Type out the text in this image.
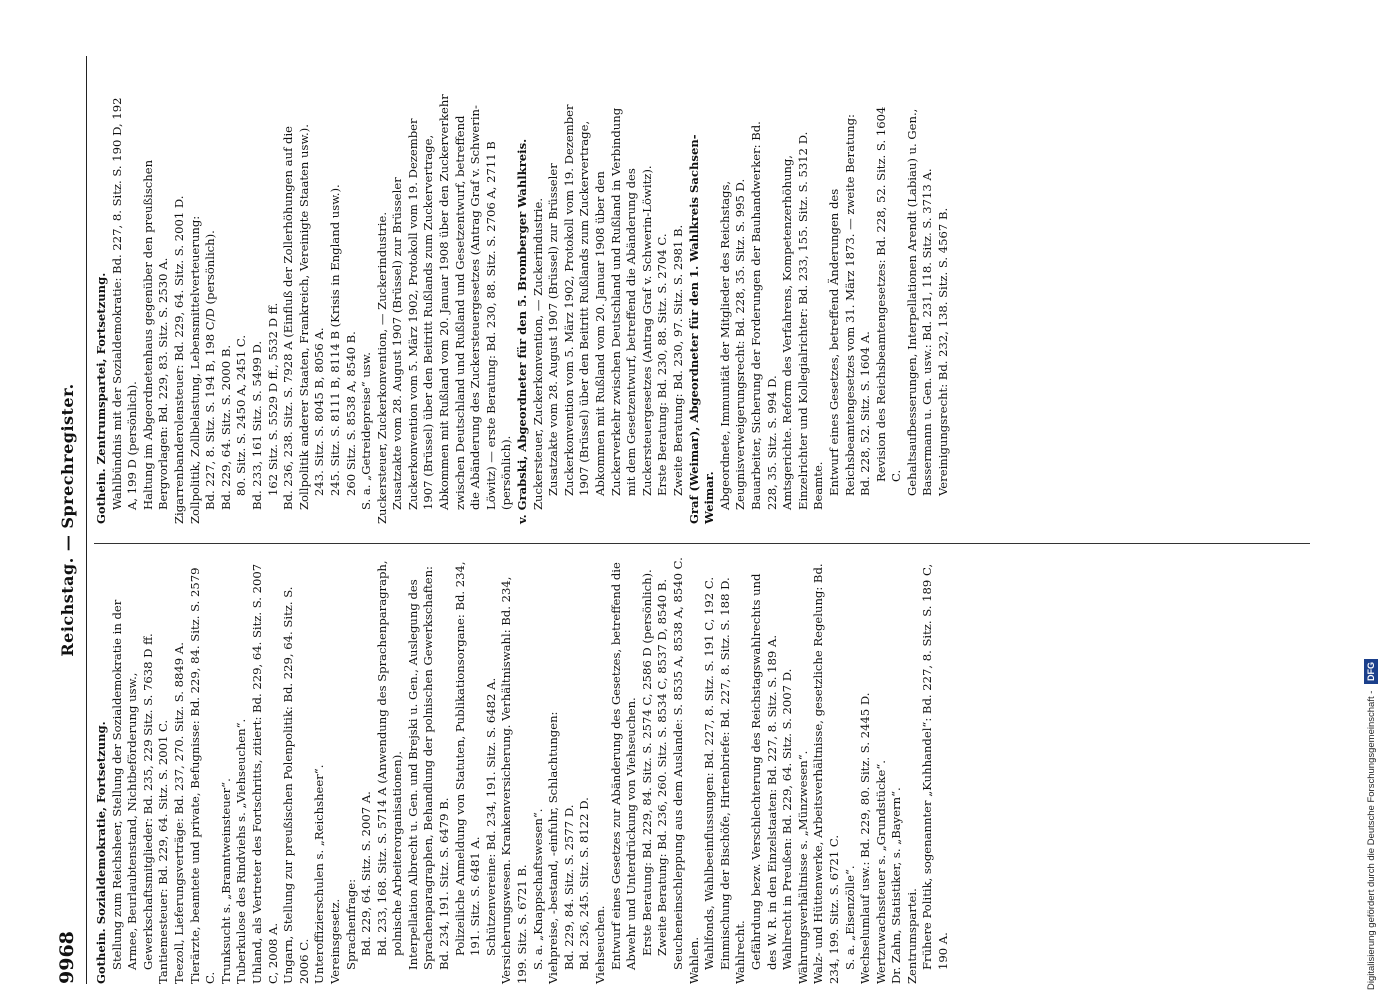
9968
Reichstag. — Sprechregister.
Gothein. Sozialdemokratie, Fortsetzung. Stellung zum Reichsheer, Stellung der Sozialdemokratie in der Armee, Beurlaubtenstand, Nichtbeförderung usw., Gewerkschaftsmitglieder: Bd. 235, 229 Sitz. S. 7638 D ff. Tantiemesteuer: Bd. 229, 64. Sitz. S. 2001 C. Teezoll, Lieferungsverträge: Bd. 237, 270. Sitz. S. 8849 A. Tierärzte, beamtete und private, Befugnisse: Bd. 229, 84. Sitz. S. 2579 C. Trunksucht s. „Branntweinsteuer“. Tuberkulose des Rindviehs s. „Viehseuchen“. Uhland, als Vertreter des Fortschritts, zitiert: Bd. 229, 64. Sitz. S. 2007 C, 2008 A. Ungarn, Stellung zur preußischen Polenpolitik: Bd. 229, 64. Sitz. S. 2006 C. Unteroffizierschulen s. „Reichsheer“. Vereinsgesetz. Sprachenfrage: Bd. 229, 64. Sitz. S. 2007 A. Bd. 233, 168. Sitz. S. 5714 A (Anwendung des Sprachenparagraph, polnische Arbeiterorganisationen). Interpellation Albrecht u. Gen. und Brejski u. Gen., Auslegung des Sprachenparagraphen, Behandlung der polnischen Gewerkschaften: Bd. 234, 191. Sitz. S. 6479 B. Polizeiliche Anmeldung von Statuten, Publikationsorgane: Bd. 234, 191. Sitz. S. 6481 A. Schützenvereine: Bd. 234, 191. Sitz. S. 6482 A. Versicherungswesen. Krankenversicherung. Verhältniswahl: Bd. 234, 199. Sitz. S. 6721 B. S. a. „Knappschaftswesen“. Viehpreise, -bestand, -einfuhr, Schlachtungen: Bd. 229, 84. Sitz. S. 2577 D. Bd. 236, 245. Sitz. S. 8122 D. Viehseuchen. Entwurf eines Gesetzes zur Abänderung des Gesetzes, betreffend die Abwehr und Unterdrückung von Viehseuchen. Erste Beratung: Bd. 229, 84. Sitz. S. 2574 C, 2586 D (persönlich). Zweite Beratung: Bd. 236, 260. Sitz. S. 8534 C, 8537 D, 8540 B. Seucheneinschleppung aus dem Auslande: S. 8535 A, 8538 A, 8540 C. Wahlen. Wahlfonds, Wahlbeeinflussungen: Bd. 227, 8. Sitz. S. 191 C, 192 C. Einmischung der Bischöfe, Hirtenbriefe: Bd. 227, 8. Sitz. S. 188 D. Wahlrecht. Gefährdung bezw. Verschlechterung des Reichstagswahlrechts und des W. R. in den Einzelstaaten: Bd. 227, 8. Sitz. S. 189 A. Wahlrecht in Preußen: Bd. 229, 64. Sitz. S. 2007 D. Währungsverhältnisse s. „Münzwesen“. Walz- und Hüttenwerke, Arbeitsverhältnisse, gesetzliche Regelung: Bd. 234, 199. Sitz. S. 6721 C. S. a. „Eisenzölle“. Wechselumlauf usw.: Bd. 229, 80. Sitz. S. 2445 D. Wertzuwachssteuer s. „Grundstücke“. Dr. Zahn, Statistiker, s. „Bayern“. Zentrumspartei. Frühere Politik, sogenannter „Kuhhandel“: Bd. 227, 8. Sitz. S. 189 C, 190 A.
Gothein. Zentrumspartei, Fortsetzung. Wahlbündnis mit der Sozialdemokratie: Bd. 227, 8. Sitz. S. 190 D, 192 A, 199 D (persönlich). Haltung im Abgeordnetenhaus gegenüber den preußischen Bergvorlagen: Bd. 229, 83. Sitz. S. 2530 A. Zigarrenbanderolensteuer: Bd. 229, 64. Sitz. S. 2001 D. Zollpolitik, Zollbelastung, Lebensmittelverteuerung: Bd. 227, 8. Sitz. S. 194 B, 198 C/D (persönlich). Bd. 229, 64. Sitz. S. 2000 B. 80. Sitz. S. 2450 A, 2451 C. Bd. 233, 161 Sitz. S. 5499 D. 162 Sitz. S. 5529 D ff., 5532 D ff. Bd. 236, 238. Sitz. S. 7928 A (Einfluß der Zollerhöhungen auf die Zollpolitik anderer Staaten, Frankreich, Vereinigte Staaten usw.). 243. Sitz. S. 8045 B, 8056 A. 245. Sitz. S. 8111 B, 8114 B (Krisis in England usw.). 260 Sitz. S. 8538 A, 8540 B. S. a. „Getreidepreise“ usw. Zuckersteuer, Zuckerkonvention, — Zuckerindustrie. Zusatzakte vom 28. August 1907 (Brüssel) zur Brüsseler Zuckerkonvention vom 5. März 1902, Protokoll vom 19. Dezember 1907 (Brüssel) über den Beitritt Rußlands zum Zuckervertrage, Abkommen mit Rußland vom 20. Januar 1908 über den Zuckerverkehr zwischen Deutschland und Rußland und Gesetzentwurf, betreffend die Abänderung des Zuckersteuergesetzes (Antrag Graf v. Schwerin-Löwitz) — erste Beratung: Bd. 230, 88. Sitz. S. 2706 A, 2711 B (persönlich). v. Grabski, Abgeordneter für den 5. Bromberger Wahlkreis. Zuckersteuer, Zuckerkonvention, — Zuckerindustrie. Zusatzakte vom 28. August 1907 (Brüssel) zur Brüsseler Zuckerkonvention vom 5. März 1902, Protokoll vom 19. Dezember 1907 (Brüssel) über den Beitritt Rußlands zum Zuckervertrage, Abkommen mit Rußland vom 20. Januar 1908 über den Zuckerverkehr zwischen Deutschland und Rußland in Verbindung mit dem Gesetzentwurf, betreffend die Abänderung des Zuckersteuergesetzes (Antrag Graf v. Schwerin-Löwitz). Erste Beratung: Bd. 230, 88. Sitz. S. 2704 C. Zweite Beratung: Bd. 230, 97. Sitz. S. 2981 B. Graf (Weimar), Abgeordneter für den 1. Wahlkreis Sachsen-Weimar. Abgeordnete, Immunität der Mitglieder des Reichstags, Zeugnisverweigerungsrecht: Bd. 228, 35. Sitz. S. 995 D. Bauarbeiter, Sicherung der Forderungen der Bauhandwerker: Bd. 228, 35. Sitz. S. 994 D. Amtsgerichte. Reform des Verfahrens, Kompetenzerhöhung, Einzelrichter und Kollegialrichter: Bd. 233, 155. Sitz. S. 5312 D. Beamte. Entwurf eines Gesetzes, betreffend Änderungen des Reichsbeamtengesetzes vom 31. März 1873. — zweite Beratung: Bd. 228, 52. Sitz. S. 1604 A. Revision des Reichsbeamtengesetzes: Bd. 228, 52. Sitz. S. 1604 C. Gehaltsaufbesserungen, Interpellationen Arendt (Labiau) u. Gen., Bassermann u. Gen. usw.: Bd. 231, 118. Sitz. S. 3713 A. Vereinigungsrecht: Bd. 232, 138. Sitz. S. 4567 B.
Digitalisierung gefördert durch die Deutsche Forschungsgemeinschaft - DFG
